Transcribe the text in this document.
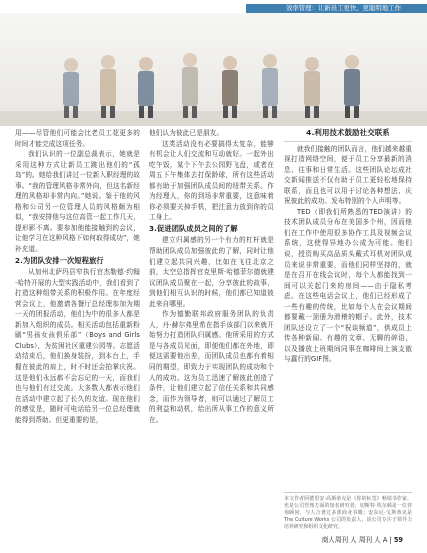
效率管理：让新员工更快、更聪明地工作

用——尽管他们可能会比老员工花更多的时间才能完成这项任务。

我们认识的一位副总裁表示，她就是采用这种方式让新员工跳出他们的“孤岛”的。她给我们讲过一位新入职经理的故事。“我的管理风格非常外向，但这名新经理的风格却非常内向。”她说。鉴于他的风格和公司另一位管理人员的风格颇为相似，“我安排他与这位高管一起工作几天，提形影不离。要参加他能接触到的会议，让他学习在这种风格下如何取得成功”，她补充道。

2.为团队安排一次短程旅行

从加州北萨玛县窄执行官杰勒德·约翰·哈特开展的大型实践活动中，我们看到了打造这种组带关系的积极作用。在年度经营会议上，他邀请各餐厅总经理参加为期一天的团报活动，他们为中的很多人都是新加入组织的成员。相关活动包括重新粉刷“男孩女孩俱乐部”（Boys and Girls Clubs），为贫困社区重建公园等。志愿活动结束后，他们换身装扮，到本台上，手握在彼此的肩上，时不时还会拍掌庆祝。这是他们永远都不会忘记的一天，而我们也与他们有过交流。大多数人都表示他们在活动中建立起了长久的友谊。现在他们的感觉是，随时可电话给另一位总经理就能得到帮助。但更重要的是，

他们认为彼此已是朋友。

这类活动没有必要搞得太复杂，能够有机会让人们交流和互动就好。一起外出吃午饭，某个下午去公园野飞盘，或者在周五下午集体去打保龄球，所有这些活动都有助于加强团队成员间的纽带关系。作为经理人，你的到场非常重要，这意味着你必须要关掉手机，把注意力放到你的员工身上。

3.促进团队成员之间的了解

建立归属感的另一个有力的杠杆就是帮助团队成员加强彼此的了解，同时让他们建立起共同兴趣，比如在飞往北京之前，太空总指挥官克里斯·哈德菲尔德就建议团队成员聚在一起，分享彼此的故事，到他们相互认识的时候，他们都已知道彼此来自哪里。

作为德勤联邦政府服务团队的负责人，丹·赫尔弗里希在指手该部门以来就开始努力打造团队归属感。他所采用的方式是与各成员见面，即便他们都在外地，即便这需要他出差，而团队成员也都有着相同的期望，即致力于实现团队的成功和个人的成功。这为员工迅速了解彼此创造了条件，让他们建立起了信任关系和共同感念，而作为领导者，则可以通过了解员工的利益和动机，给出所从事工作的意义所在。

4.利用技术鼓励社交联系

就我们接触的团队而言，他们越来越重视打造网络空间，便于员工分享最新的消息、往事和日常生活。这些团队论坛成社交新闻推送不仅有助于员工更轻松地保持联系，而且也可以用于讨论各种想法、庆祝彼此的成功、发布特别的个人声明等。

TED（即我们所熟悉的TED演讲）的技术团队成员分布在美国多个州，因而他们在工作中使用很多协作工具及视频会议系统，这使得异地办公成为可能。他们说，授资购买高品质头戴式耳机对团队成员来说非常重要，而他们同样坚持的，就是在召开在线会议时，每个人都能找到一间可以关起门来的房间——由于隐私考虑。在这些电话会议上，他们已经形成了一些有趣的传统，比如每个人在会议期间都要戴一顶册为滑稽的帽子。此外，技术团队还设立了一个“祝谈频道”，供成员上传各种新闻、有趣的文章、无聊的碎语，以及播放上班期间同事在咖啡间上演支傲与蠢行的GIF图。

本文作者阿德里安·高斯蒂克是《你的标签》畅销书作家，也是公司管理方面的知名研究者；切斯特·埃尔顿是一位咨询顾问，与人合著过多部商业书籍；安东尼·戈斯蒂克是 The Culture Works 公司的负责人，该公司专注于领导力培养研究和组织文化研究。
商人周刊 人 周刊 人 A | 59
